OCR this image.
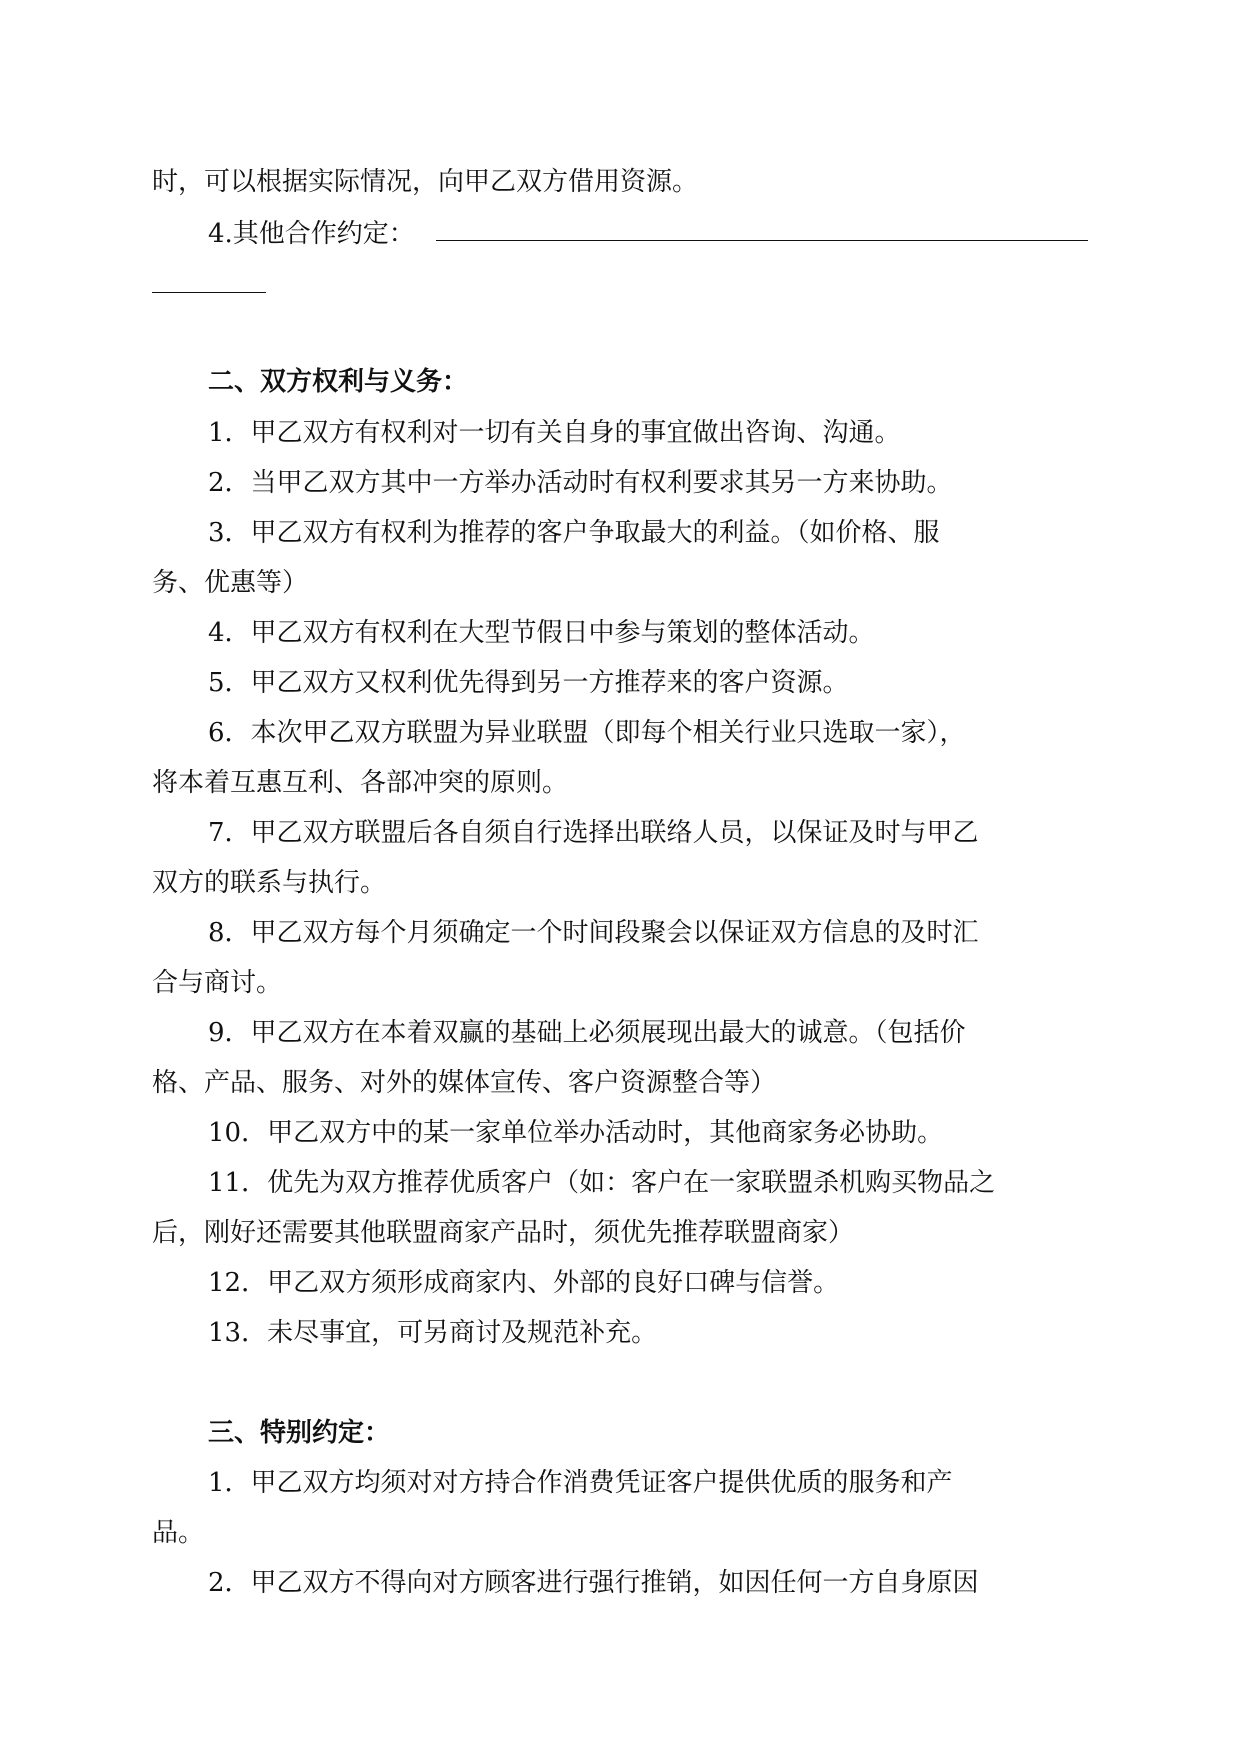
时，可以根据实际情况，向甲乙双方借用资源。

4.其他合作约定：

二、双方权利与义务：

1．甲乙双方有权利对一切有关自身的事宜做出咨询、沟通。

2．当甲乙双方其中一方举办活动时有权利要求其另一方来协助。

3．甲乙双方有权利为推荐的客户争取最大的利益。（如价格、服

务、优惠等）

4．甲乙双方有权利在大型节假日中参与策划的整体活动。

5．甲乙双方又权利优先得到另一方推荐来的客户资源。

6．本次甲乙双方联盟为异业联盟（即每个相关行业只选取一家），

将本着互惠互利、各部冲突的原则。

7．甲乙双方联盟后各自须自行选择出联络人员，以保证及时与甲乙

双方的联系与执行。

8．甲乙双方每个月须确定一个时间段聚会以保证双方信息的及时汇

合与商讨。

9．甲乙双方在本着双赢的基础上必须展现出最大的诚意。（包括价

格、产品、服务、对外的媒体宣传、客户资源整合等）

10．甲乙双方中的某一家单位举办活动时，其他商家务必协助。

11．优先为双方推荐优质客户（如：客户在一家联盟杀机购买物品之

后，刚好还需要其他联盟商家产品时，须优先推荐联盟商家）

12．甲乙双方须形成商家内、外部的良好口碑与信誉。

13．未尽事宜，可另商讨及规范补充。

三、特别约定：

1．甲乙双方均须对对方持合作消费凭证客户提供优质的服务和产

品。

2．甲乙双方不得向对方顾客进行强行推销，如因任何一方自身原因
